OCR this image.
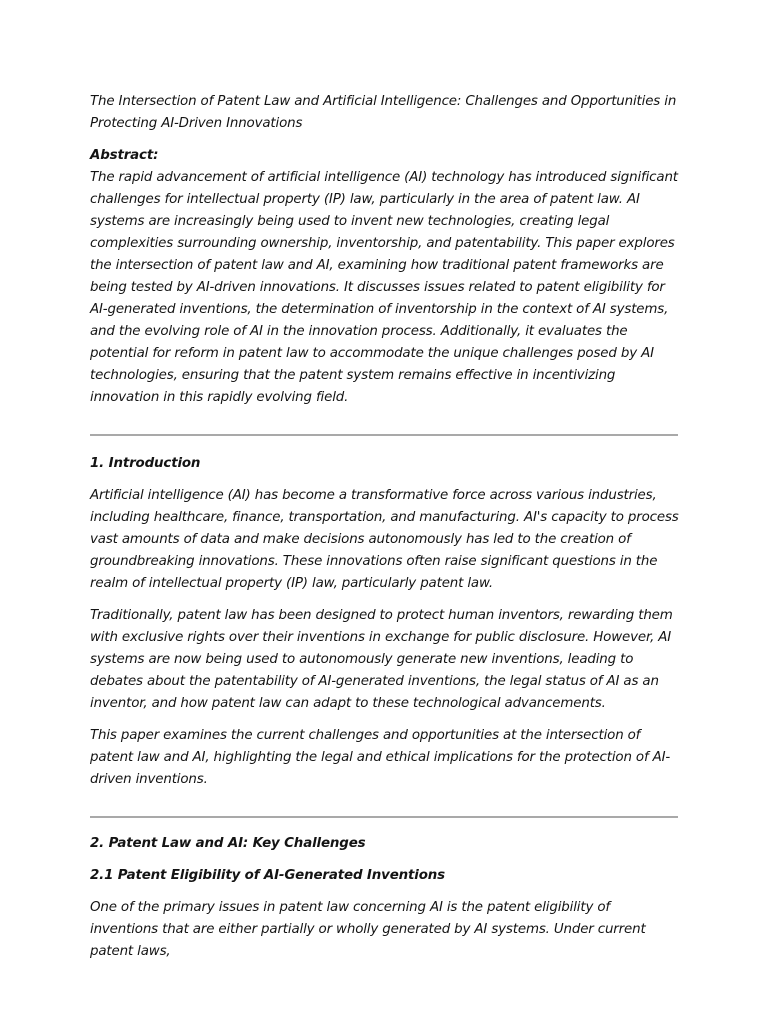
The Intersection of Patent Law and Artificial Intelligence: Challenges and Opportunities in Protecting AI-Driven Innovations

Abstract:

The rapid advancement of artificial intelligence (AI) technology has introduced significant challenges for intellectual property (IP) law, particularly in the area of patent law. AI systems are increasingly being used to invent new technologies, creating legal complexities surrounding ownership, inventorship, and patentability. This paper explores the intersection of patent law and AI, examining how traditional patent frameworks are being tested by AI-driven innovations. It discusses issues related to patent eligibility for AI-generated inventions, the determination of inventorship in the context of AI systems, and the evolving role of AI in the innovation process. Additionally, it evaluates the potential for reform in patent law to accommodate the unique challenges posed by AI technologies, ensuring that the patent system remains effective in incentivizing innovation in this rapidly evolving field.

1. Introduction

Artificial intelligence (AI) has become a transformative force across various industries, including healthcare, finance, transportation, and manufacturing. AI's capacity to process vast amounts of data and make decisions autonomously has led to the creation of groundbreaking innovations. These innovations often raise significant questions in the realm of intellectual property (IP) law, particularly patent law.

Traditionally, patent law has been designed to protect human inventors, rewarding them with exclusive rights over their inventions in exchange for public disclosure. However, AI systems are now being used to autonomously generate new inventions, leading to debates about the patentability of AI-generated inventions, the legal status of AI as an inventor, and how patent law can adapt to these technological advancements.

This paper examines the current challenges and opportunities at the intersection of patent law and AI, highlighting the legal and ethical implications for the protection of AI-driven inventions.

2. Patent Law and AI: Key Challenges

2.1 Patent Eligibility of AI-Generated Inventions

One of the primary issues in patent law concerning AI is the patent eligibility of inventions that are either partially or wholly generated by AI systems. Under current patent laws,
